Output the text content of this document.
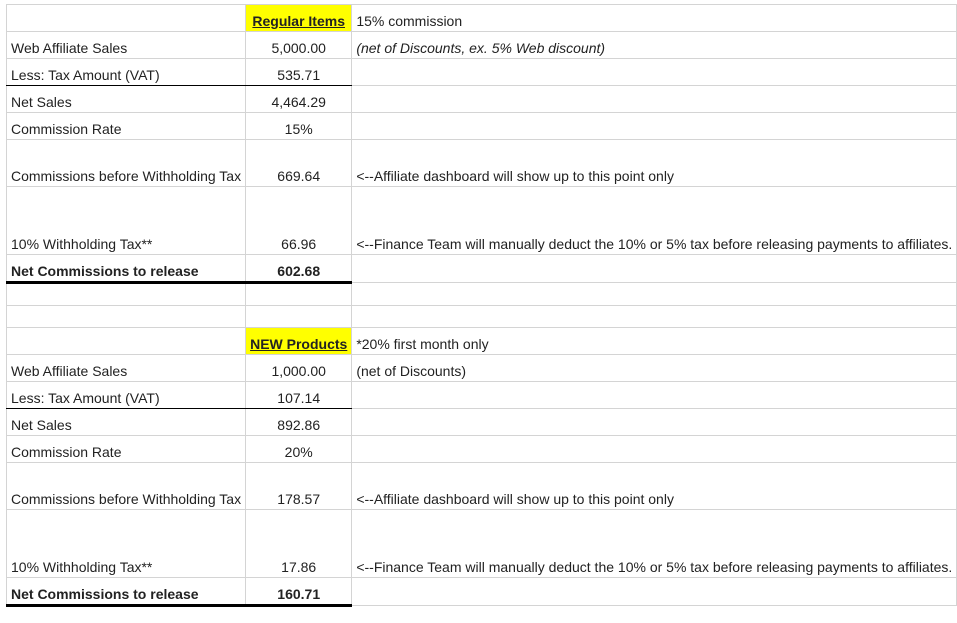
	Regular Items	15% commission
Web Affiliate Sales	5,000.00	(net of Discounts, ex. 5% Web discount)
Less: Tax Amount (VAT)	535.71	
Net Sales	4,464.29	
Commission Rate	15%	
Commissions before Withholding Tax	669.64	<--Affiliate dashboard will show up to this point only
10% Withholding Tax**	66.96	<--Finance Team will manually deduct the 10% or 5% tax before releasing payments to affiliates.
Net Commissions to release	602.68	

	NEW Products	*20% first month only
Web Affiliate Sales	1,000.00	(net of Discounts)
Less: Tax Amount (VAT)	107.14	
Net Sales	892.86	
Commission Rate	20%	
Commissions before Withholding Tax	178.57	<--Affiliate dashboard will show up to this point only
10% Withholding Tax**	17.86	<--Finance Team will manually deduct the 10% or 5% tax before releasing payments to affiliates.
Net Commissions to release	160.71	
